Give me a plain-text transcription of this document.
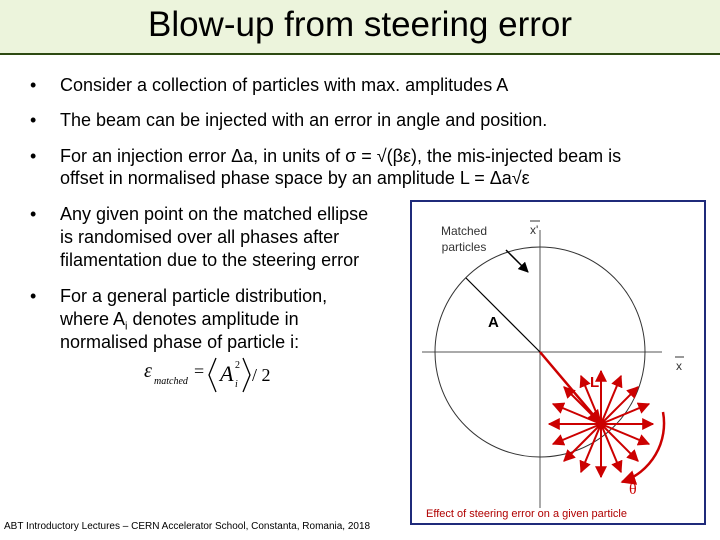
Blow-up from steering error
• Consider a collection of particles with max. amplitudes A
• The beam can be injected with an error in angle and position.
• For an injection error Δa, in units of σ = √(βε), the mis-injected beam is
offset in normalised phase space by an amplitude L = Δa√ε
• Any given point on the matched ellipse
is randomised over all phases after
filamentation due to the steering error
• For a general particle distribution,
where $A_i$ denotes amplitude in
normalised phase of particle i:
ε matched
= A 2
i / 2
Matched
particles
x'
x
A
L
θ
Effect of steering error on a given particle
ABT Introductory Lectures – CERN Accelerator School, Constanta, Romania, 2018
